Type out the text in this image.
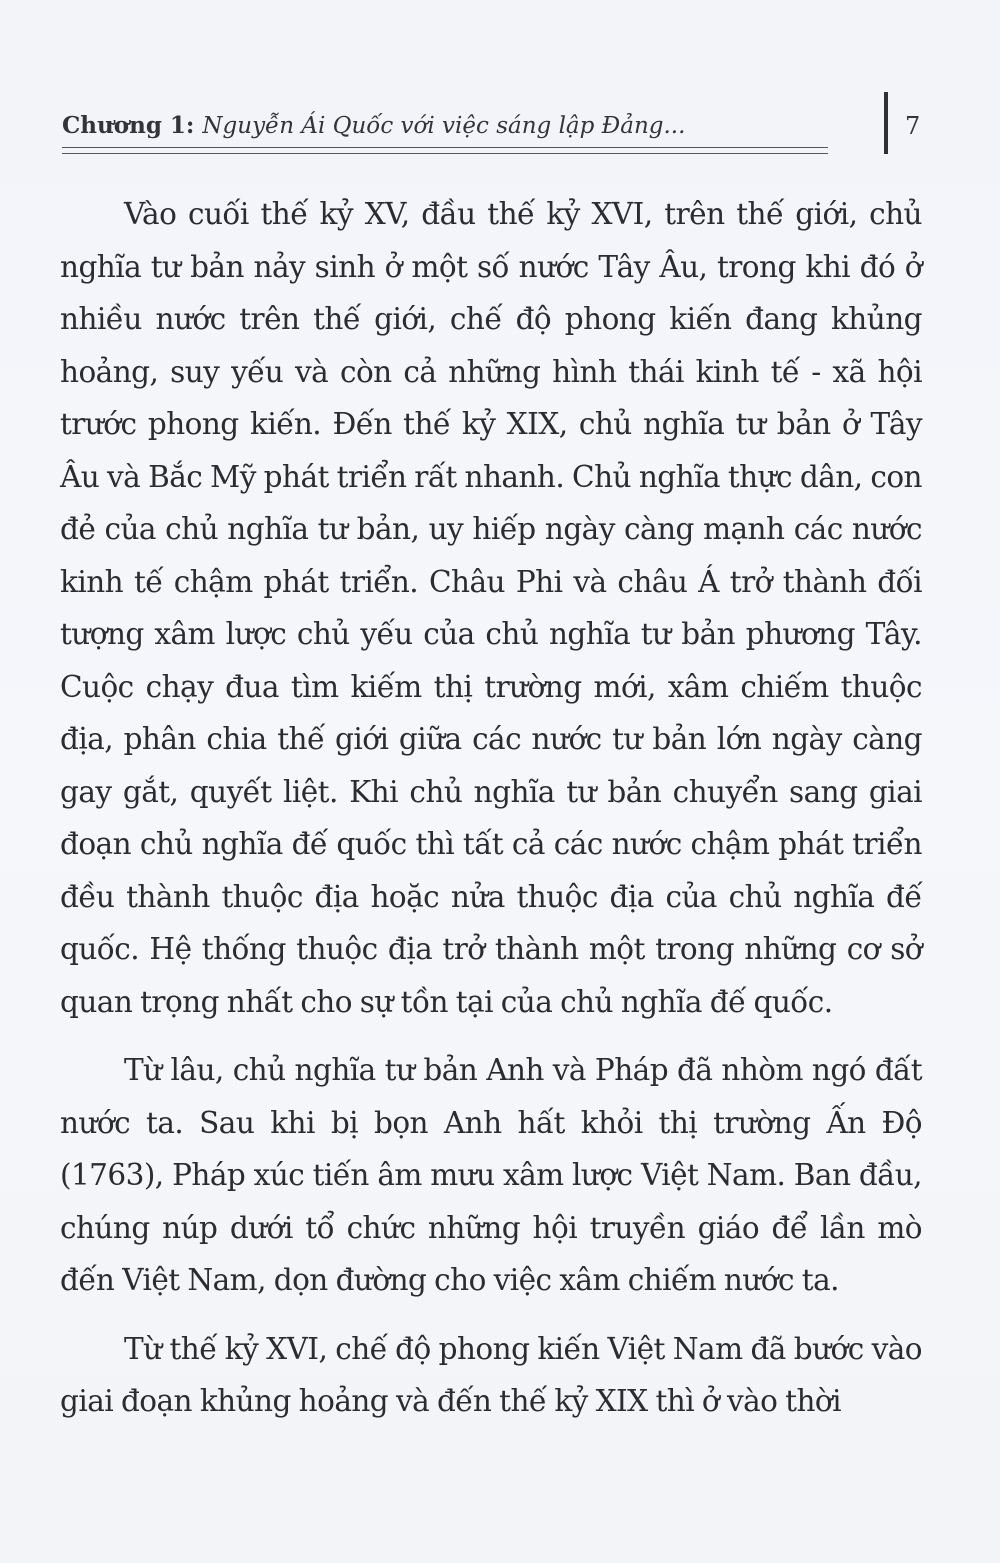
Chương 1: Nguyễn Ái Quốc với việc sáng lập Đảng...	7

Vào cuối thế kỷ XV, đầu thế kỷ XVI, trên thế giới, chủ nghĩa tư bản nảy sinh ở một số nước Tây Âu, trong khi đó ở nhiều nước trên thế giới, chế độ phong kiến đang khủng hoảng, suy yếu và còn cả những hình thái kinh tế - xã hội trước phong kiến. Đến thế kỷ XIX, chủ nghĩa tư bản ở Tây Âu và Bắc Mỹ phát triển rất nhanh. Chủ nghĩa thực dân, con đẻ của chủ nghĩa tư bản, uy hiếp ngày càng mạnh các nước kinh tế chậm phát triển. Châu Phi và châu Á trở thành đối tượng xâm lược chủ yếu của chủ nghĩa tư bản phương Tây. Cuộc chạy đua tìm kiếm thị trường mới, xâm chiếm thuộc địa, phân chia thế giới giữa các nước tư bản lớn ngày càng gay gắt, quyết liệt. Khi chủ nghĩa tư bản chuyển sang giai đoạn chủ nghĩa đế quốc thì tất cả các nước chậm phát triển đều thành thuộc địa hoặc nửa thuộc địa của chủ nghĩa đế quốc. Hệ thống thuộc địa trở thành một trong những cơ sở quan trọng nhất cho sự tồn tại của chủ nghĩa đế quốc.

Từ lâu, chủ nghĩa tư bản Anh và Pháp đã nhòm ngó đất nước ta. Sau khi bị bọn Anh hất khỏi thị trường Ấn Độ (1763), Pháp xúc tiến âm mưu xâm lược Việt Nam. Ban đầu, chúng núp dưới tổ chức những hội truyền giáo để lần mò đến Việt Nam, dọn đường cho việc xâm chiếm nước ta.

Từ thế kỷ XVI, chế độ phong kiến Việt Nam đã bước vào giai đoạn khủng hoảng và đến thế kỷ XIX thì ở vào thời
